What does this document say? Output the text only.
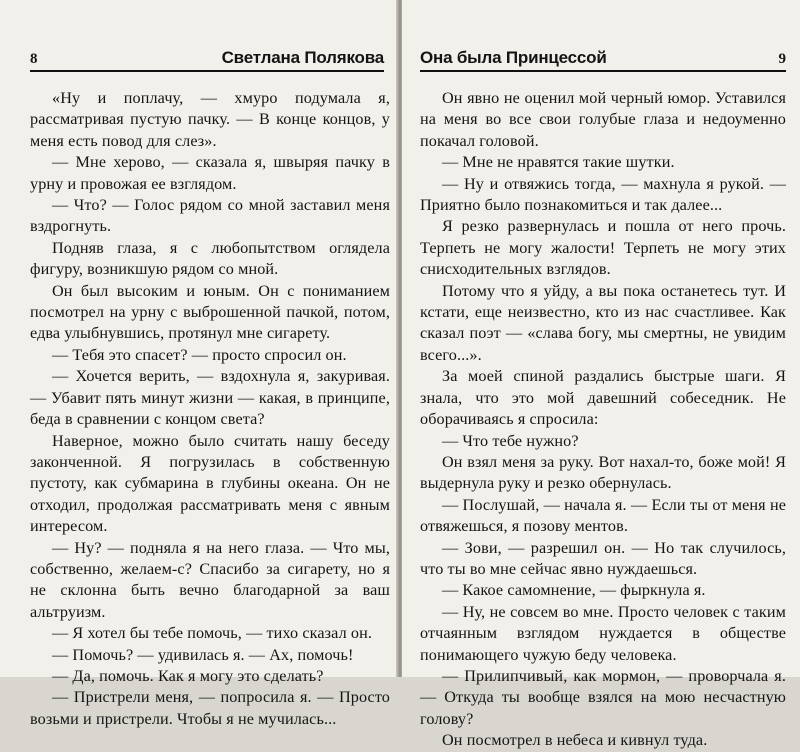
8	Светлана Полякова

«Ну и поплачу, — хмуро подумала я, рассматривая пустую пачку. — В конце концов, у меня есть повод для слез».

— Мне херово, — сказала я, швыряя пачку в урну и провожая ее взглядом.

— Что? — Голос рядом со мной заставил меня вздрогнуть.

Подняв глаза, я с любопытством оглядела фигуру, возникшую рядом со мной.

Он был высоким и юным. Он с пониманием посмотрел на урну с выброшенной пачкой, потом, едва улыбнувшись, протянул мне сигарету.

— Тебя это спасет? — просто спросил он.

— Хочется верить, — вздохнула я, закуривая. — Убавит пять минут жизни — какая, в принципе, беда в сравнении с концом света?

Наверное, можно было считать нашу беседу законченной. Я погрузилась в собственную пустоту, как субмарина в глубины океана. Он не отходил, продолжая рассматривать меня с явным интересом.

— Ну? — подняла я на него глаза. — Что мы, собственно, желаем-с? Спасибо за сигарету, но я не склонна быть вечно благодарной за ваш альтруизм.

— Я хотел бы тебе помочь, — тихо сказал он.

— Помочь? — удивилась я. — Ах, помочь!

— Да, помочь. Как я могу это сделать?

— Пристрели меня, — попросила я. — Просто возьми и пристрели. Чтобы я не мучилась...

Она была Принцессой	9

Он явно не оценил мой черный юмор. Уставился на меня во все свои голубые глаза и недоуменно покачал головой.

— Мне не нравятся такие шутки.

— Ну и отвяжись тогда, — махнула я рукой. — Приятно было познакомиться и так далее...

Я резко развернулась и пошла от него прочь. Терпеть не могу жалости! Терпеть не могу этих снисходительных взглядов.

Потому что я уйду, а вы пока останетесь тут. И кстати, еще неизвестно, кто из нас счастливее. Как сказал поэт — «слава богу, мы смертны, не увидим всего...».

За моей спиной раздались быстрые шаги. Я знала, что это мой давешний собеседник. Не оборачиваясь я спросила:

— Что тебе нужно?

Он взял меня за руку. Вот нахал-то, боже мой! Я выдернула руку и резко обернулась.

— Послушай, — начала я. — Если ты от меня не отвяжешься, я позову ментов.

— Зови, — разрешил он. — Но так случилось, что ты во мне сейчас явно нуждаешься.

— Какое самомнение, — фыркнула я.

— Ну, не совсем во мне. Просто человек с таким отчаянным взглядом нуждается в обществе понимающего чужую беду человека.

— Прилипчивый, как мормон, — проворчала я. — Откуда ты вообще взялся на мою несчастную голову?

Он посмотрел в небеса и кивнул туда.
